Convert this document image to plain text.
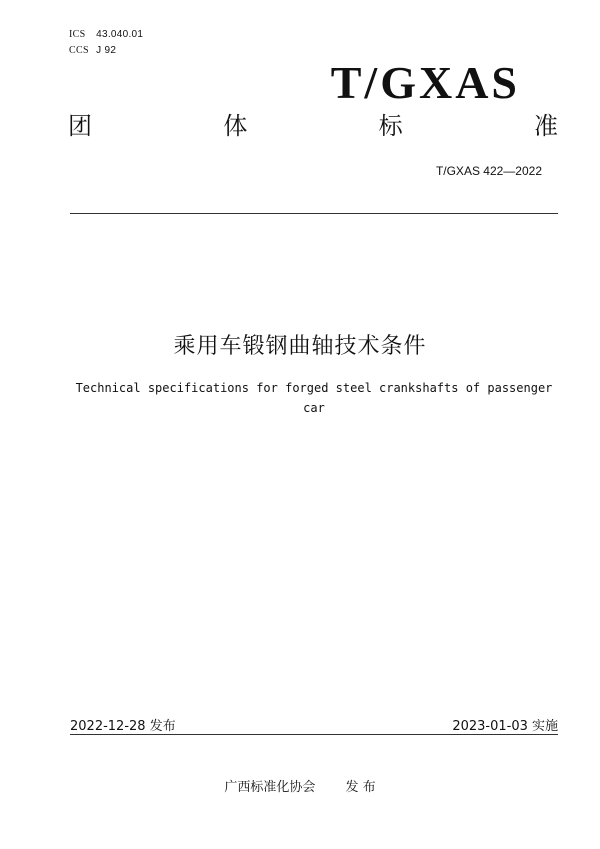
ICS 43.040.01
CCS J 92
T/GXAS
团	体	标	准
T/GXAS 422—2022
乘用车锻钢曲轴技术条件
Technical specifications for forged steel crankshafts of passenger car
2022-12-28 发布	2023-01-03 实施
广西标准化协会 发 布
